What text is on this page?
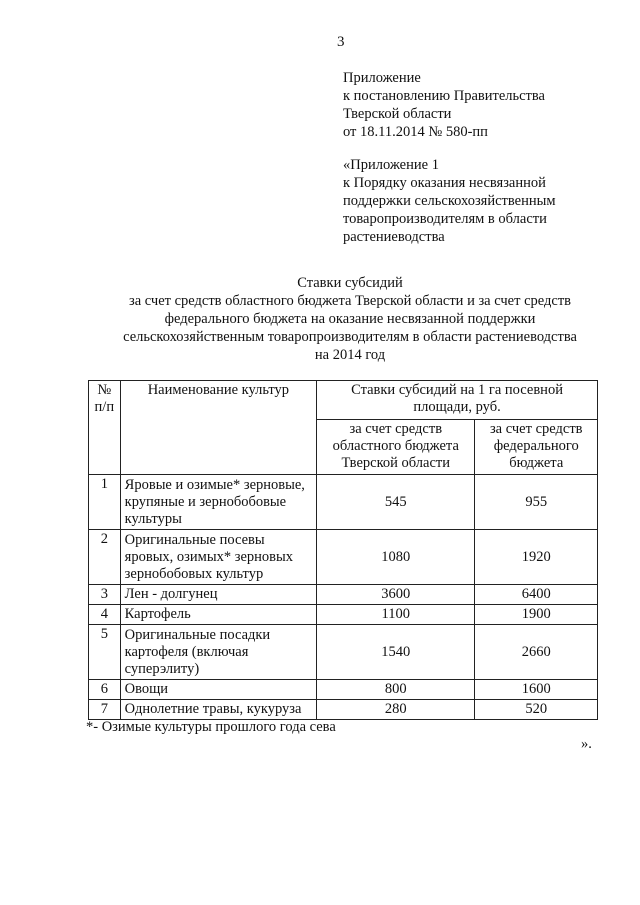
3
Приложение
к постановлению Правительства
Тверской области
от 18.11.2014 № 580-пп
«Приложение 1
к Порядку оказания несвязанной
поддержки сельскохозяйственным
товаропроизводителям в области
растениеводства
Ставки субсидий
за счет средств областного бюджета Тверской области и за счет средств
федерального бюджета на оказание несвязанной поддержки
сельскохозяйственным товаропроизводителям в области растениеводства
на 2014 год
№ п/п	Наименование культур	Ставки субсидий на 1 га посевной площади, руб.	
		за счет средств областного бюджета Тверской области	за счет средств федерального бюджета
1	Яровые и озимые* зерновые, крупяные и зернобобовые культуры	545	955
2	Оригинальные посевы яровых, озимых* зерновых зернобобовых культур	1080	1920
3	Лен - долгунец	3600	6400
4	Картофель	1100	1900
5	Оригинальные посадки картофеля (включая суперэлиту)	1540	2660
6	Овощи	800	1600
7	Однолетние травы, кукуруза	280	520
*- Озимые культуры прошлого года сева
».
